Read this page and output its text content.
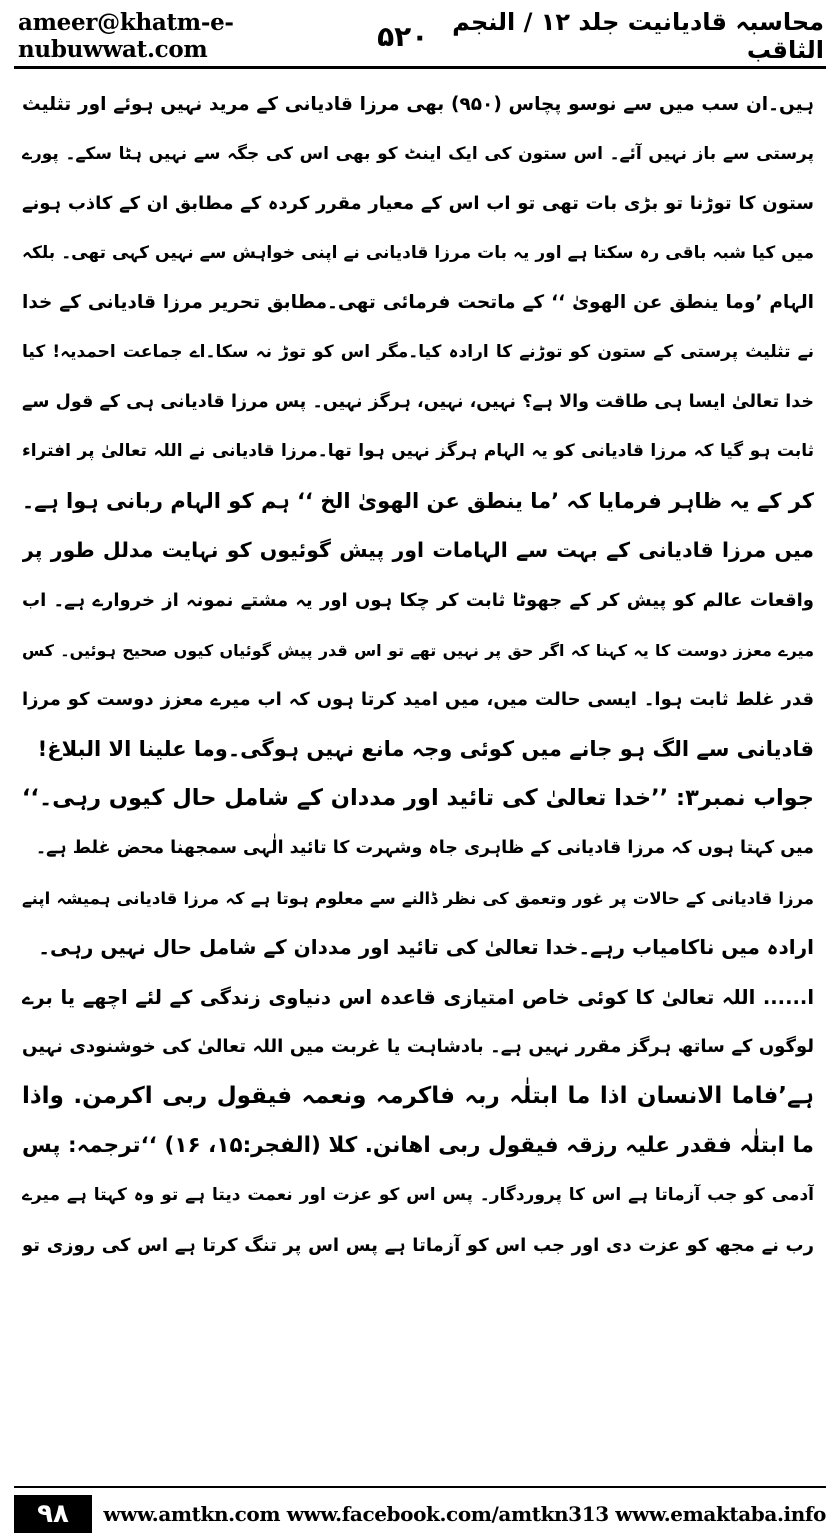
ameer@khatm-e-nubuwwat.com	۵۲۰ محاسبہ قادیانیت جلد ۱۲ / النجم الثاقب
ہیں۔ان سب میں سے نوسو پچاس (۹۵۰) بھی مرزا قادیانی کے مرید نہیں ہوئے اور تثلیث
پرستی سے باز نہیں آئے۔ اس ستون کی ایک اینٹ کو بھی اس کی جگہ سے نہیں ہٹا سکے۔ پورے
ستون کا توڑنا تو بڑی بات تھی تو اب اس کے معیار مقرر کردہ کے مطابق ان کے کاذب ہونے
میں کیا شبہ باقی رہ سکتا ہے اور یہ بات مرزا قادیانی نے اپنی خواہش سے نہیں کہی تھی۔ بلکہ
الہام ’وما ینطق عن الھویٰ ‘‘ کے ماتحت فرمائی تھی۔مطابق تحریر مرزا قادیانی کے خدا
نے تثلیث پرستی کے ستون کو توڑنے کا ارادہ کیا۔مگر اس کو توڑ نہ سکا۔اے جماعت احمدیہ! کیا
خدا تعالیٰ ایسا ہی طاقت والا ہے؟ نہیں، نہیں، ہرگز نہیں۔ پس مرزا قادیانی ہی کے قول سے
ثابت ہو گیا کہ مرزا قادیانی کو یہ الہام ہرگز نہیں ہوا تھا۔مرزا قادیانی نے اللہ تعالیٰ پر افتراء
کر کے یہ ظاہر فرمایا کہ ’ما ینطق عن الھویٰ الخ ‘‘ ہم کو الہام ربانی ہوا ہے۔
میں مرزا قادیانی کے بہت سے الہامات اور پیش گوئیوں کو نہایت مدلل طور پر
واقعات عالم کو پیش کر کے جھوٹا ثابت کر چکا ہوں اور یہ مشتے نمونہ از خروارے ہے۔ اب
میرے معزز دوست کا یہ کہنا کہ اگر حق پر نہیں تھے تو اس قدر پیش گوئیاں کیوں صحیح ہوئیں۔ کس
قدر غلط ثابت ہوا۔ ایسی حالت میں، میں امید کرتا ہوں کہ اب میرے معزز دوست کو مرزا
قادیانی سے الگ ہو جانے میں کوئی وجہ مانع نہیں ہوگی۔وما علینا الا البلاغ!
جواب نمبر۳: ’’خدا تعالیٰ کی تائید اور مددان کے شامل حال کیوں رہی۔‘‘
میں کہتا ہوں کہ مرزا قادیانی کے ظاہری جاہ وشہرت کا تائید الٰہی سمجھنا محض غلط ہے۔
مرزا قادیانی کے حالات پر غور وتعمق کی نظر ڈالنے سے معلوم ہوتا ہے کہ مرزا قادیانی ہمیشہ اپنے
ارادہ میں ناکامیاب رہے۔خدا تعالیٰ کی تائید اور مددان کے شامل حال نہیں رہی۔
ا...... اللہ تعالیٰ کا کوئی خاص امتیازی قاعدہ اس دنیاوی زندگی کے لئے اچھے یا برے
لوگوں کے ساتھ ہرگز مقرر نہیں ہے۔ بادشاہت یا غربت میں اللہ تعالیٰ کی خوشنودی نہیں
ہے’فاما الانسان اذا ما ابتلٰہ ربہ فاکرمہ ونعمہ فیقول ربی اکرمن. واذا
ما ابتلٰہ فقدر علیہ رزقہ فیقول ربی اھانن. کلا (الفجر:۱۵، ۱۶) ‘‘ترجمہ: پس
آدمی کو جب آزماتا ہے اس کا پروردگار۔ پس اس کو عزت اور نعمت دیتا ہے تو وہ کہتا ہے میرے
رب نے مجھ کو عزت دی اور جب اس کو آزماتا ہے پس اس پر تنگ کرتا ہے اس کی روزی تو
۹۸	www.amtkn.com www.facebook.com/amtkn313 www.emaktaba.info
